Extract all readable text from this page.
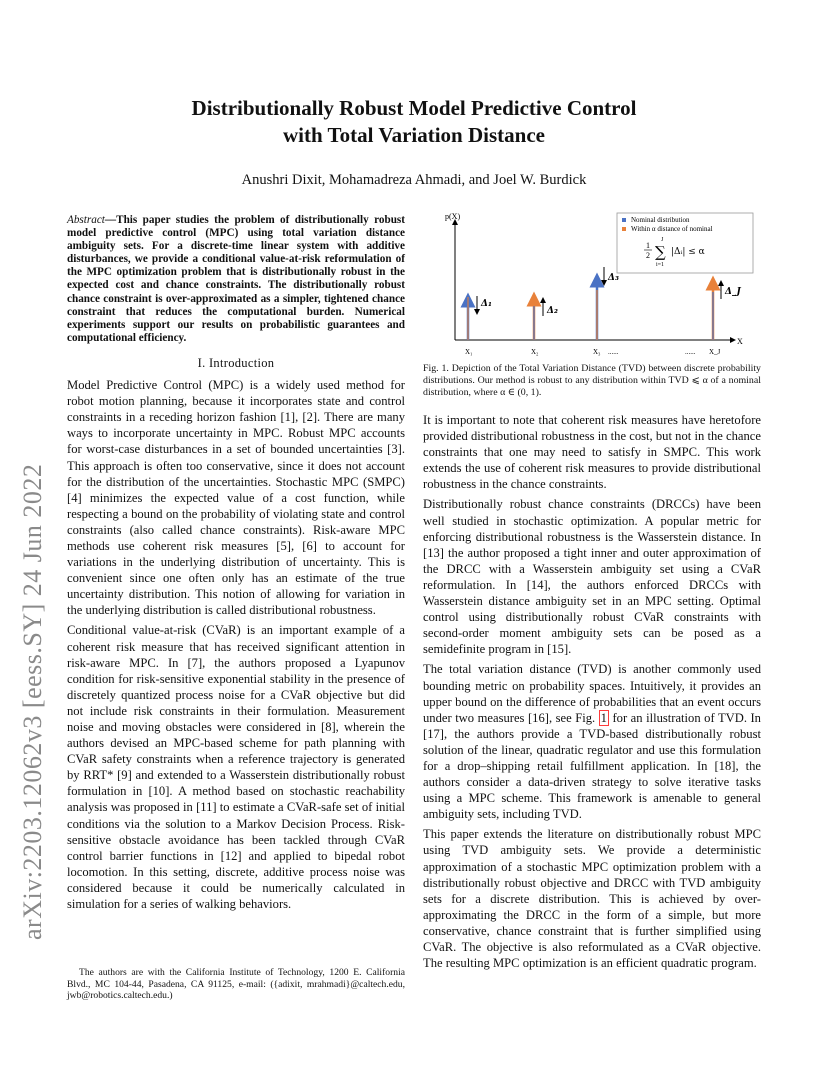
arXiv:2203.12062v3 [eess.SY] 24 Jun 2022
Distributionally Robust Model Predictive Control
with Total Variation Distance
Anushri Dixit, Mohamadreza Ahmadi, and Joel W. Burdick

Abstract—This paper studies the problem of distributionally robust model predictive control (MPC) using total variation distance ambiguity sets. For a discrete-time linear system with additive disturbances, we provide a conditional value-at-risk reformulation of the MPC optimization problem that is distributionally robust in the expected cost and chance constraints. The distributionally robust chance constraint is over-approximated as a simpler, tightened chance constraint that reduces the computational burden. Numerical experiments support our results on probabilistic guarantees and computational efficiency.

I. Introduction

Model Predictive Control (MPC) is a widely used method for robot motion planning, because it incorporates state and control constraints in a receding horizon fashion [1], [2]. There are many ways to incorporate uncertainty in MPC. Robust MPC accounts for worst-case disturbances in a set of bounded uncertainties [3]. This approach is often too conservative, since it does not account for the distribution of the uncertainties. Stochastic MPC (SMPC) [4] minimizes the expected value of a cost function, while respecting a bound on the probability of violating state and control constraints (also called chance constraints). Risk-aware MPC methods use coherent risk measures [5], [6] to account for variations in the underlying distribution of uncertainty. This is convenient since one often only has an estimate of the true uncertainty distribution. This notion of allowing for variation in the underlying distribution is called distributional robustness.

Conditional value-at-risk (CVaR) is an important example of a coherent risk measure that has received significant attention in risk-aware MPC. In [7], the authors proposed a Lyapunov condition for risk-sensitive exponential stability in the presence of discretely quantized process noise for a CVaR objective but did not include risk constraints in their formulation. Measurement noise and moving obstacles were considered in [8], wherein the authors devised an MPC-based scheme for path planning with CVaR safety constraints when a reference trajectory is generated by RRT* [9] and extended to a Wasserstein distributionally robust formulation in [10]. A method based on stochastic reachability analysis was proposed in [11] to estimate a CVaR-safe set of initial conditions via the solution to a Markov Decision Process. Risk-sensitive obstacle avoidance has been tackled through CVaR control barrier functions in [12] and applied to bipedal robot locomotion. In this setting, discrete, additive process noise was considered because it could be numerically calculated in simulation for a series of walking behaviors.

The authors are with the California Institute of Technology, 1200 E. California Blvd., MC 104-44, Pasadena, CA 91125, e-mail: ({adixit, mrahmadi}@caltech.edu, jwb@robotics.caltech.edu.)

p(X)
X
Δ₁
Δ₂
Δ₃
Δ_J
X₁	X₂	X₃ ......	...... X_J
Nominal distribution
Within α distance of nominal
1
2
J
∑
i=1
|Δᵢ| ≤ α
Fig. 1. Depiction of the Total Variation Distance (TVD) between discrete probability distributions. Our method is robust to any distribution within TVD ⩽ α of a nominal distribution, where α ∈ (0, 1).

It is important to note that coherent risk measures have heretofore provided distributional robustness in the cost, but not in the chance constraints that one may need to satisfy in SMPC. This work extends the use of coherent risk measures to provide distributional robustness in the chance constraints.

Distributionally robust chance constraints (DRCCs) have been well studied in stochastic optimization. A popular metric for enforcing distributional robustness is the Wasserstein distance. In [13] the author proposed a tight inner and outer approximation of the DRCC with a Wasserstein ambiguity set using a CVaR reformulation. In [14], the authors enforced DRCCs with Wasserstein distance ambiguity set in an MPC setting. Optimal control using distributionally robust CVaR constraints with second-order moment ambiguity sets can be posed as a semidefinite program in [15].

The total variation distance (TVD) is another commonly used bounding metric on probability spaces. Intuitively, it provides an upper bound on the difference of probabilities that an event occurs under two measures [16], see Fig. 1 for an illustration of TVD. In [17], the authors provide a TVD-based distributionally robust solution of the linear, quadratic regulator and use this formulation for a drop–shipping retail fulfillment application. In [18], the authors consider a data-driven strategy to solve iterative tasks using a MPC scheme. This framework is amenable to general ambiguity sets, including TVD.

This paper extends the literature on distributionally robust MPC using TVD ambiguity sets. We provide a deterministic approximation of a stochastic MPC optimization problem with a distributionally robust objective and DRCC with TVD ambiguity sets for a discrete distribution. This is achieved by over-approximating the DRCC in the form of a simple, but more conservative, chance constraint that is further simplified using CVaR. The objective is also reformulated as a CVaR objective. The resulting MPC optimization is an efficient quadratic program.
